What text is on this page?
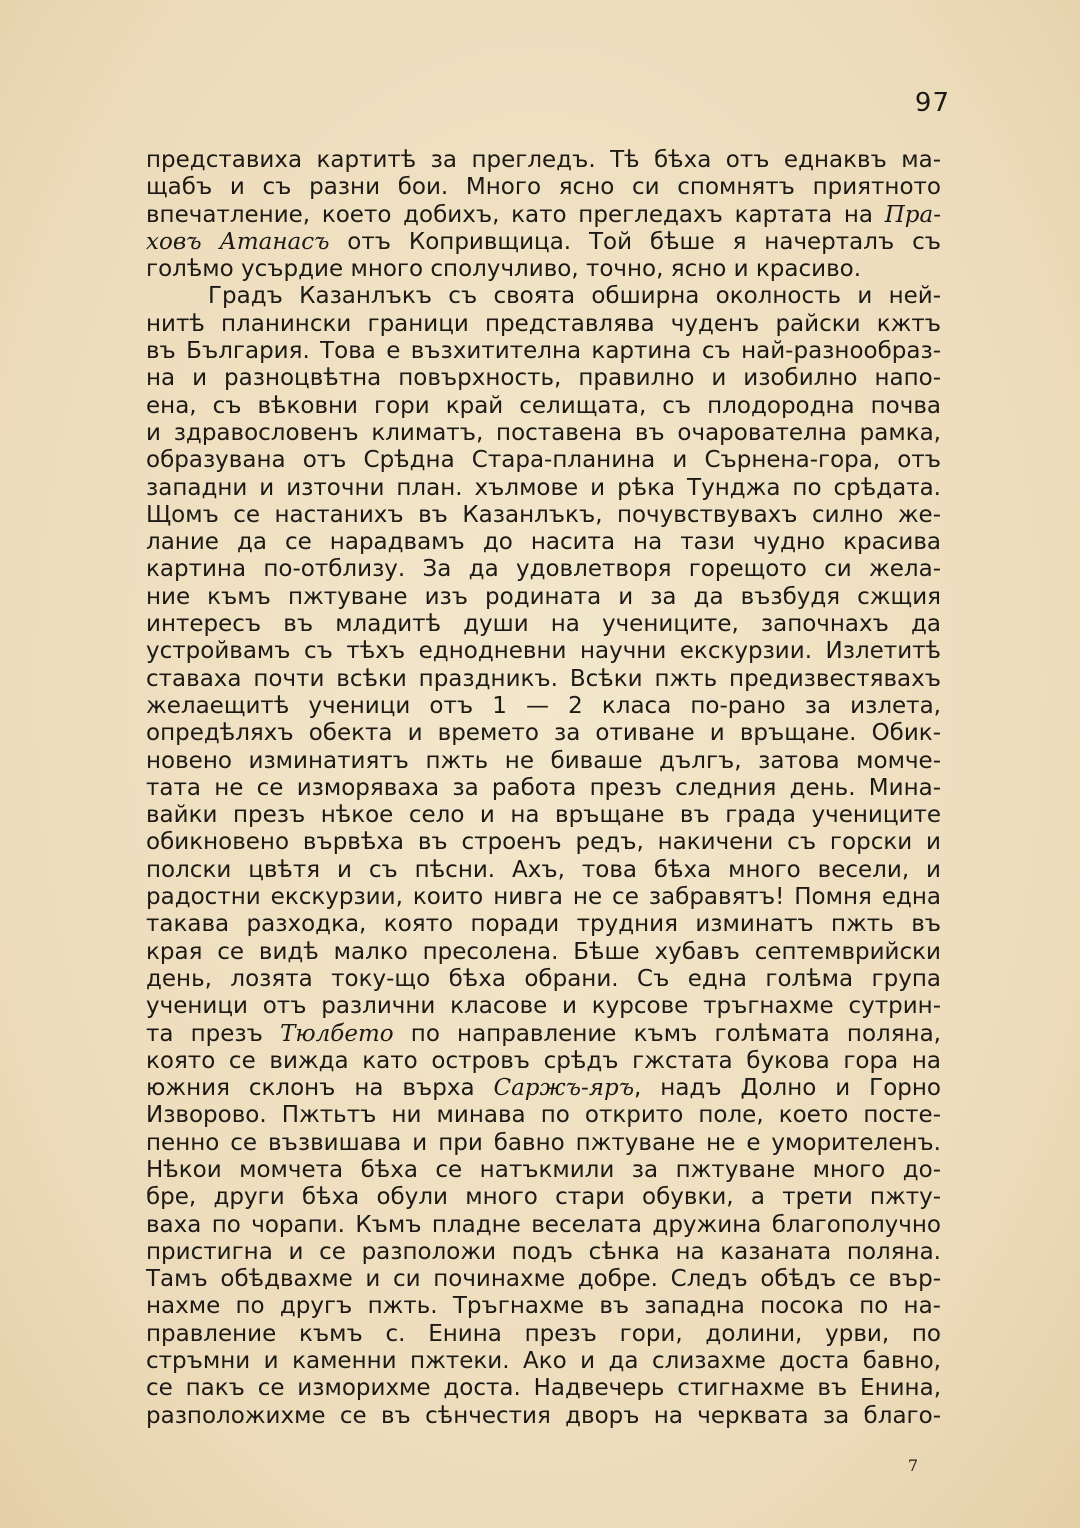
97
представиха картитѣ за прегледъ. Тѣ бѣха отъ еднаквъ ма-
щабъ и съ разни бои. Много ясно си спомнятъ приятното
впечатление, което добихъ, като прегледахъ картата на Пра-
ховъ Атанасъ отъ Копривщица. Той бѣше я начерталъ съ
голѣмо усърдие много сполучливо, точно, ясно и красиво.
Градъ Казанлъкъ съ своята обширна околность и ней-
нитѣ планински граници представлява чуденъ райски кжтъ
въ България. Това е възхитителна картина съ най-разнообраз-
на и разноцвѣтна повърхность, правилно и изобилно напо-
ена, съ вѣковни гори край селищата, съ плодородна почва
и здравословенъ климатъ, поставена въ очарователна рамка,
образувана отъ Срѣдна Стара-планина и Сърнена-гора, отъ
западни и източни план. хълмове и рѣка Тунджа по срѣдата.
Щомъ се настанихъ въ Казанлъкъ, почувствувахъ силно же-
лание да се нарадвамъ до насита на тази чудно красива
картина по-отблизу. За да удовлетворя горещото си жела-
ние къмъ пжтуване изъ родината и за да възбудя сжщия
интересъ въ младитѣ души на учениците, започнахъ да
устройвамъ съ тѣхъ еднодневни научни екскурзии. Излетитѣ
ставаха почти всѣки праздникъ. Всѣки пжть предизвестявахъ
желаещитѣ ученици отъ 1 — 2 класа по-рано за излета,
опредѣляхъ обекта и времето за отиване и връщане. Обик-
новено изминатиятъ пжть не биваше дългъ, затова момче-
тата не се изморяваха за работа презъ следния день. Мина-
вайки презъ нѣкое село и на връщане въ града учениците
обикновено вървѣха въ строенъ редъ, накичени съ горски и
полски цвѣтя и съ пѣсни. Ахъ, това бѣха много весели, и
радостни екскурзии, които нивга не се забравятъ! Помня една
такава разходка, която поради трудния изминатъ пжть въ
края се видѣ малко пресолена. Бѣше хубавъ септемврийски
день, лозята току-що бѣха обрани. Съ една голѣма група
ученици отъ различни класове и курсове тръгнахме сутрин-
та презъ Тюлбето по направление къмъ голѣмата поляна,
която се вижда като островъ срѣдъ гжстата букова гора на
южния склонъ на върха Саржъ-яръ, надъ Долно и Горно
Изворово. Пжтьтъ ни минава по открито поле, което посте-
пенно се възвишава и при бавно пжтуване не е уморителенъ.
Нѣкои момчета бѣха се натъкмили за пжтуване много до-
бре, други бѣха обули много стари обувки, а трети пжту-
ваха по чорапи. Къмъ пладне веселата дружина благополучно
пристигна и се разположи подъ сѣнка на казаната поляна.
Тамъ обѣдвахме и си починахме добре. Следъ обѣдъ се вър-
нахме по другъ пжть. Тръгнахме въ западна посока по на-
правление къмъ с. Енина презъ гори, долини, урви, по
стръмни и каменни пжтеки. Ако и да слизахме доста бавно,
се пакъ се изморихме доста. Надвечерь стигнахме въ Енина,
разположихме се въ сѣнчестия дворъ на черквата за благо-
7
